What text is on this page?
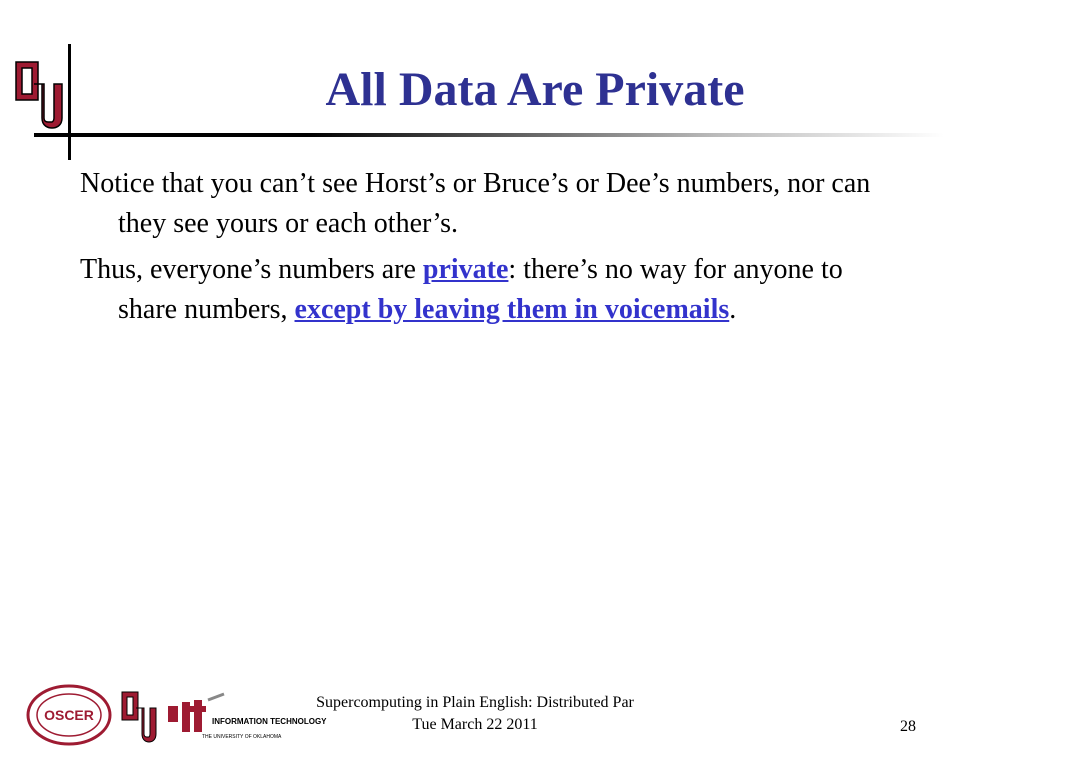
All Data Are Private

Notice that you can’t see Horst’s or Bruce’s or Dee’s numbers, nor can they see yours or each other’s.

Thus, everyone’s numbers are private: there’s no way for anyone to share numbers, except by leaving them in voicemails.

OSCER	INFORMATION TECHNOLOGY
THE UNIVERSITY OF OKLAHOMA
Supercomputing in Plain English: Distributed Par
Tue March 22 2011	28
